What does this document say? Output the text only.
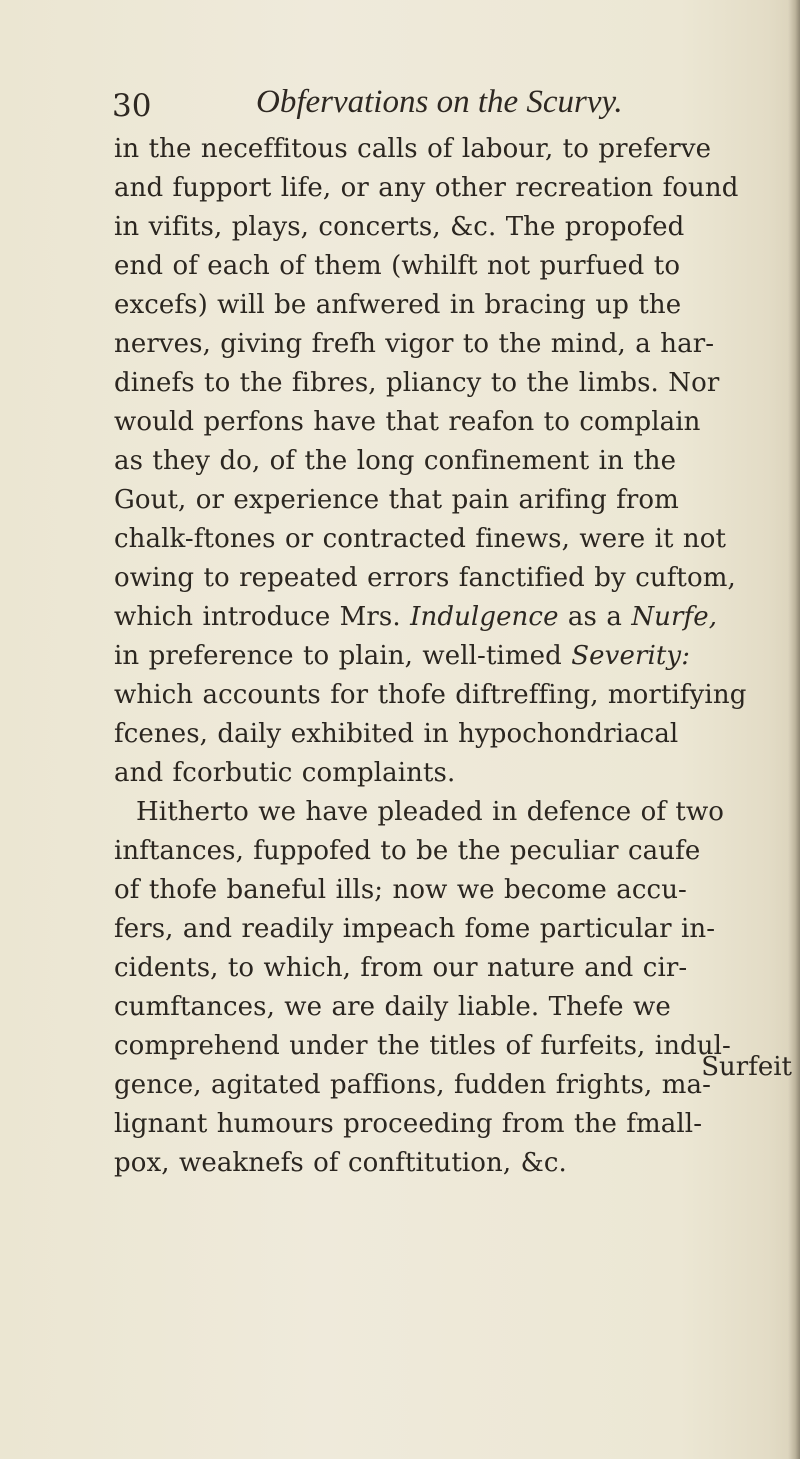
30	Obfervations on the Scurvy.
in the neceffitous calls of labour, to preferve
and fupport life, or any other recreation found
in vifits, plays, concerts, &c. The propofed
end of each of them (whilft not purfued to
excefs) will be anfwered in bracing up the
nerves, giving frefh vigor to the mind, a har-
dinefs to the fibres, pliancy to the limbs. Nor
would perfons have that reafon to complain
as they do, of the long confinement in the
Gout, or experience that pain arifing from
chalk-ftones or contracted finews, were it not
owing to repeated errors fanctified by cuftom,
which introduce Mrs. Indulgence as a Nurfe,
in preference to plain, well-timed Severity:
which accounts for thofe diftreffing, mortifying
fcenes, daily exhibited in hypochondriacal
and fcorbutic complaints.
Hitherto we have pleaded in defence of two
inftances, fuppofed to be the peculiar caufe
of thofe baneful ills; now we become accu-
fers, and readily impeach fome particular in-
cidents, to which, from our nature and cir-
cumftances, we are daily liable. Thefe we
comprehend under the titles of furfeits, indul-
gence, agitated paffions, fudden frights, ma-
lignant humours proceeding from the fmall-
pox, weaknefs of conftitution, &c.
Surfeit
